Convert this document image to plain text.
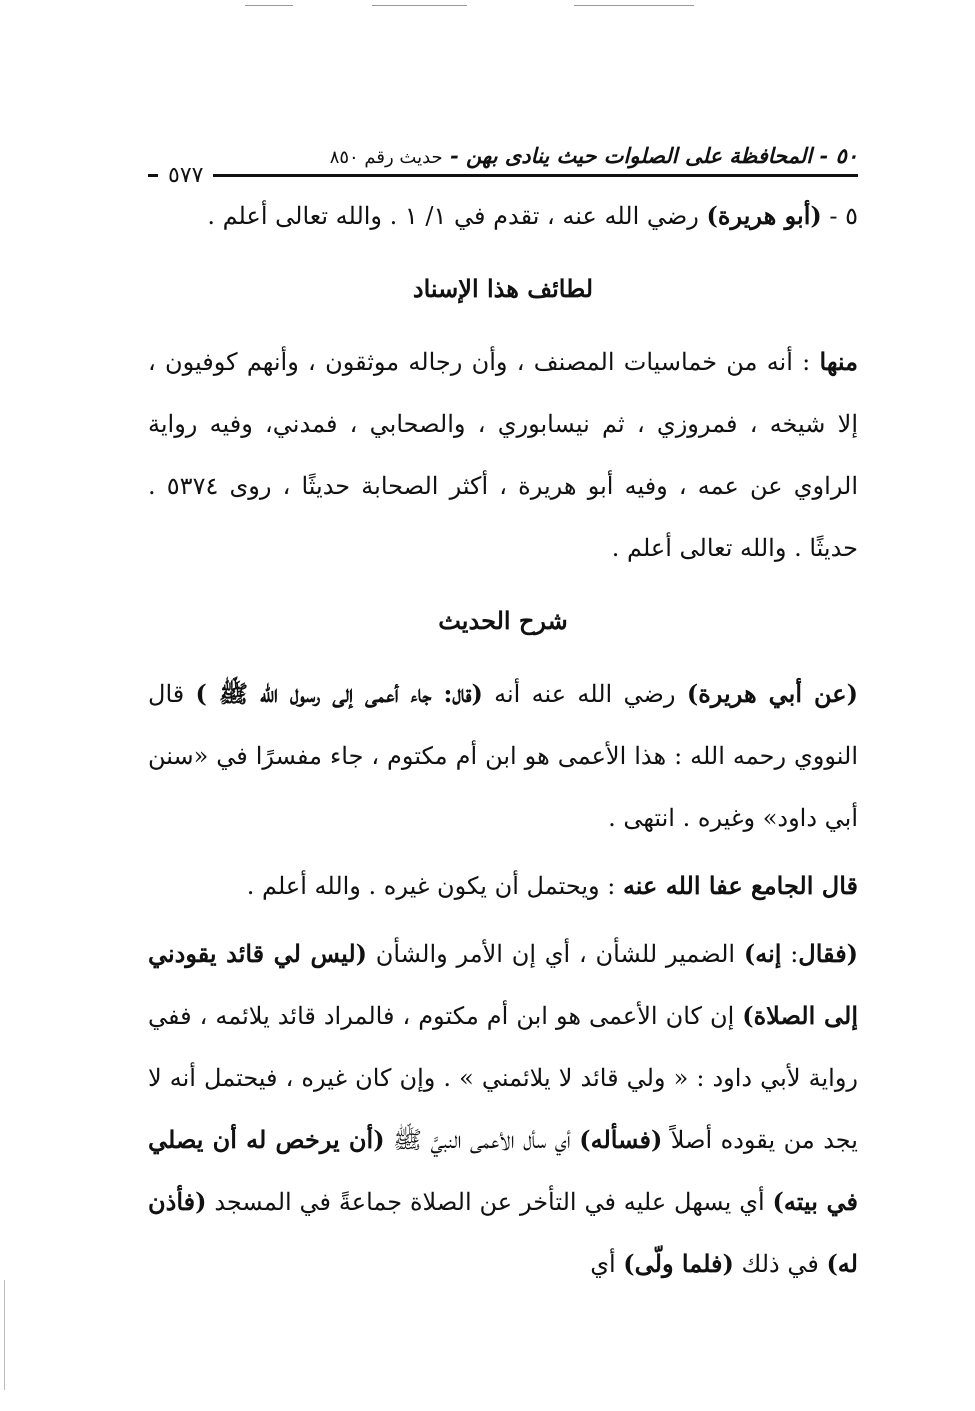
٥٠ - المحافظة على الصلوات حيث ينادى بهن - حديث رقم ٨٥٠
٥٧٧

٥ - (أبو هريرة) رضي الله عنه ، تقدم في ١/ ١ . والله تعالى أعلم .

لطائف هذا الإسناد

منها : أنه من خماسيات المصنف ، وأن رجاله موثقون ، وأنهم كوفيون ، إلا شيخه ، فمروزي ، ثم نيسابوري ، والصحابي ، فمدني، وفيه رواية الراوي عن عمه ، وفيه أبو هريرة ، أكثر الصحابة حديثًا ، روى ٥٣٧٤ . حديثًا . والله تعالى أعلم .

شرح الحديث

(عن أبي هريرة) رضي الله عنه أنه (قال: جاء أعمى إلى رسول الله ﷺ ) قال النووي رحمه الله : هذا الأعمى هو ابن أم مكتوم ، جاء مفسرًا في «سنن أبي داود» وغيره . انتهى .

قال الجامع عفا الله عنه : ويحتمل أن يكون غيره . والله أعلم .

(فقال: إنه) الضمير للشأن ، أي إن الأمر والشأن (ليس لي قائد يقودني إلى الصلاة) إن كان الأعمى هو ابن أم مكتوم ، فالمراد قائد يلائمه ، ففي رواية لأبي داود : « ولي قائد لا يلائمني » . وإن كان غيره ، فيحتمل أنه لا يجد من يقوده أصلاً (فسأله) أي سأل الأعمى النبيَّ ﷺ (أن يرخص له أن يصلي في بيته) أي يسهل عليه في التأخر عن الصلاة جماعةً في المسجد (فأذن له) في ذلك (فلما ولّى) أي
